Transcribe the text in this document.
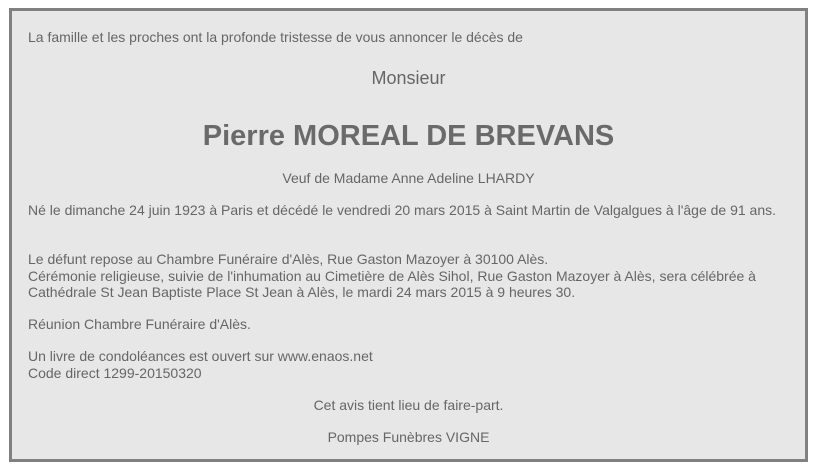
La famille et les proches ont la profonde tristesse de vous annoncer le décès de
Monsieur
Pierre MOREAL DE BREVANS
Veuf de Madame Anne Adeline LHARDY
Né le dimanche 24 juin 1923 à Paris et décédé le vendredi 20 mars 2015 à Saint Martin de Valgalgues à l'âge de 91 ans.
Le défunt repose au Chambre Funéraire d'Alès, Rue Gaston Mazoyer à 30100 Alès.
Cérémonie religieuse, suivie de l'inhumation au Cimetière de Alès Sihol, Rue Gaston Mazoyer à Alès, sera célébrée à Cathédrale St Jean Baptiste Place St Jean à Alès, le mardi 24 mars 2015 à 9 heures 30.
Réunion Chambre Funéraire d'Alès.
Un livre de condoléances est ouvert sur www.enaos.net
Code direct 1299-20150320
Cet avis tient lieu de faire-part.
Pompes Funèbres VIGNE
